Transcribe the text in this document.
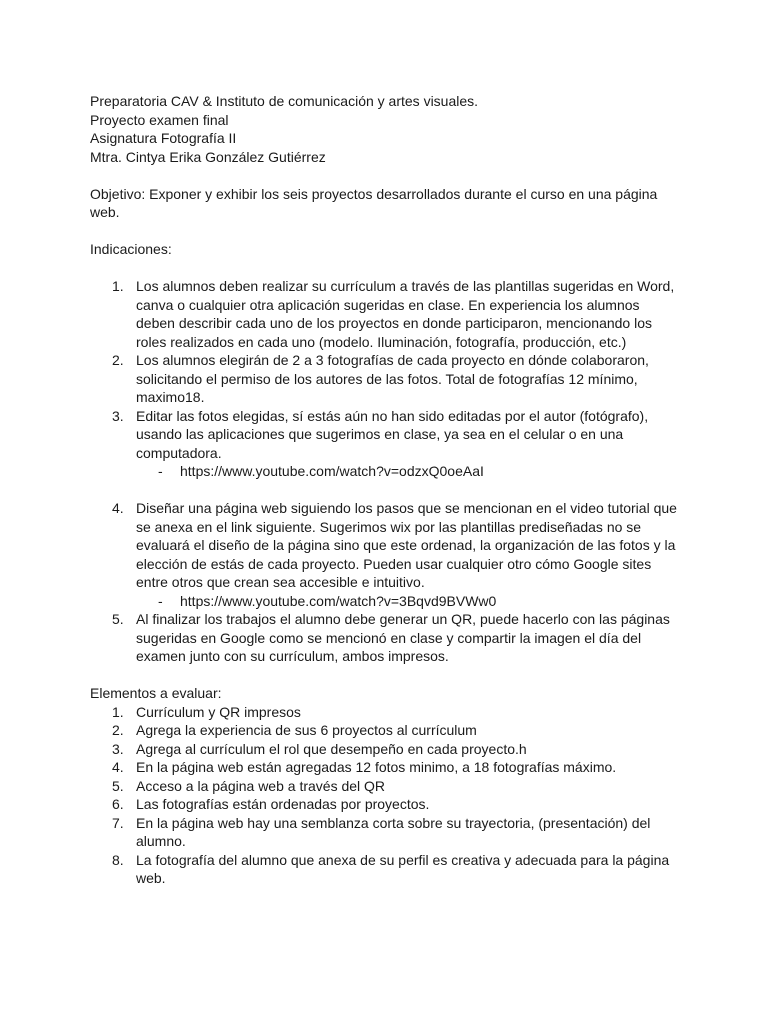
Preparatoria CAV & Instituto de comunicación y artes visuales.

Proyecto examen final

Asignatura Fotografía II

Mtra. Cintya Erika González Gutiérrez

Objetivo: Exponer y exhibir los seis proyectos desarrollados durante el curso en una página web.

Indicaciones:

1. Los alumnos deben realizar su currículum a través de las plantillas sugeridas en Word, canva o cualquier otra aplicación sugeridas en clase. En experiencia los alumnos deben describir cada uno de los proyectos en donde participaron, mencionando los roles realizados en cada uno (modelo. Iluminación, fotografía, producción, etc.)
2. Los alumnos elegirán de 2 a 3 fotografías de cada proyecto en dónde colaboraron, solicitando el permiso de los autores de las fotos. Total de fotografías 12 mínimo, maximo18.
3. Editar las fotos elegidas, sí estás aún no han sido editadas por el autor (fotógrafo), usando las aplicaciones que sugerimos en clase, ya sea en el celular o en una computadora.
- https://www.youtube.com/watch?v=odzxQ0oeAaI
4. Diseñar una página web siguiendo los pasos que se mencionan en el video tutorial que se anexa en el link siguiente. Sugerimos wix por las plantillas prediseñadas no se evaluará el diseño de la página sino que este ordenad, la organización de las fotos y la elección de estás de cada proyecto. Pueden usar cualquier otro cómo Google sites entre otros que crean sea accesible e intuitivo.
- https://www.youtube.com/watch?v=3Bqvd9BVWw0
5. Al finalizar los trabajos el alumno debe generar un QR, puede hacerlo con las páginas sugeridas en Google como se mencionó en clase y compartir la imagen el día del examen junto con su currículum, ambos impresos.

Elementos a evaluar:

1. Currículum y QR impresos
2. Agrega la experiencia de sus 6 proyectos al currículum
3. Agrega al currículum el rol que desempeño en cada proyecto.h
4. En la página web están agregadas 12 fotos minimo, a 18 fotografías máximo.
5. Acceso a la página web a través del QR
6. Las fotografías están ordenadas por proyectos.
7. En la página web hay una semblanza corta sobre su trayectoria, (presentación) del alumno.
8. La fotografía del alumno que anexa de su perfil es creativa y adecuada para la página web.
